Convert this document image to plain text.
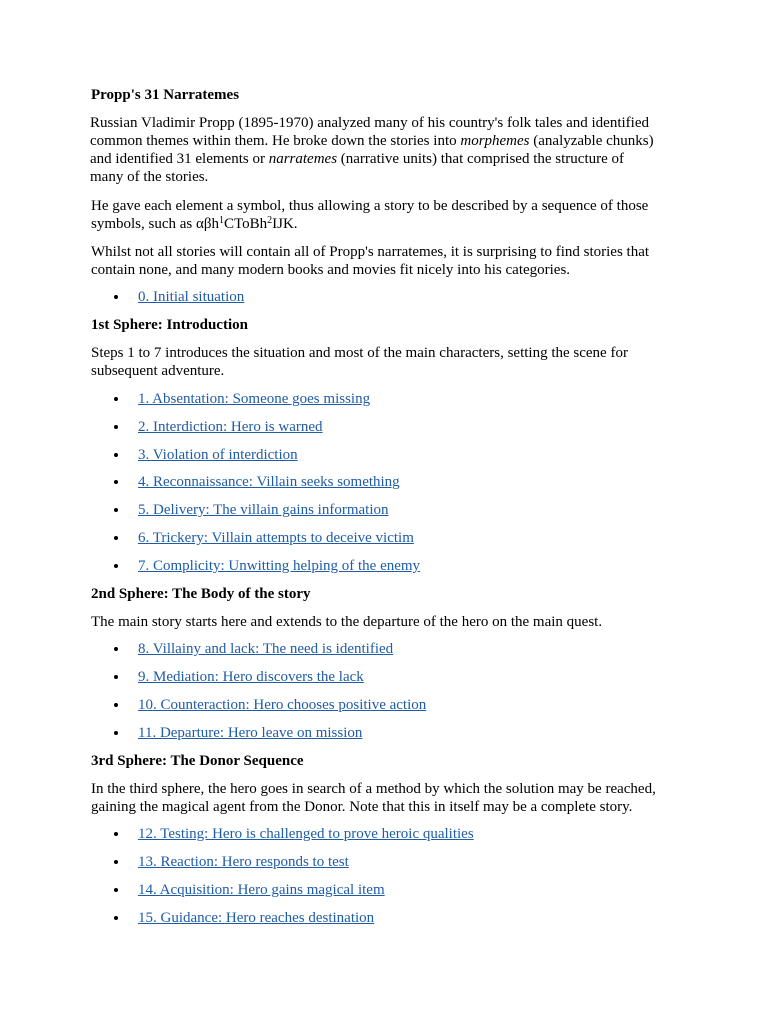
Propp's 31 Narratemes

Russian Vladimir Propp (1895-1970) analyzed many of his country's folk tales and identified common themes within them. He broke down the stories into morphemes (analyzable chunks) and identified 31 elements or narratemes (narrative units) that comprised the structure of many of the stories.

He gave each element a symbol, thus allowing a story to be described by a sequence of those symbols, such as αβh$^1$CToBh$^2$IJK.

Whilst not all stories will contain all of Propp's narratemes, it is surprising to find stories that contain none, and many modern books and movies fit nicely into his categories.

0. Initial situation

1st Sphere: Introduction

Steps 1 to 7 introduces the situation and most of the main characters, setting the scene for subsequent adventure.

1. Absentation: Someone goes missing
2. Interdiction: Hero is warned
3. Violation of interdiction
4. Reconnaissance: Villain seeks something
5. Delivery: The villain gains information
6. Trickery: Villain attempts to deceive victim
7. Complicity: Unwitting helping of the enemy

2nd Sphere: The Body of the story

The main story starts here and extends to the departure of the hero on the main quest.

8. Villainy and lack: The need is identified
9. Mediation: Hero discovers the lack
10. Counteraction: Hero chooses positive action
11. Departure: Hero leave on mission

3rd Sphere: The Donor Sequence

In the third sphere, the hero goes in search of a method by which the solution may be reached, gaining the magical agent from the Donor. Note that this in itself may be a complete story.

12. Testing: Hero is challenged to prove heroic qualities
13. Reaction: Hero responds to test
14. Acquisition: Hero gains magical item
15. Guidance: Hero reaches destination
